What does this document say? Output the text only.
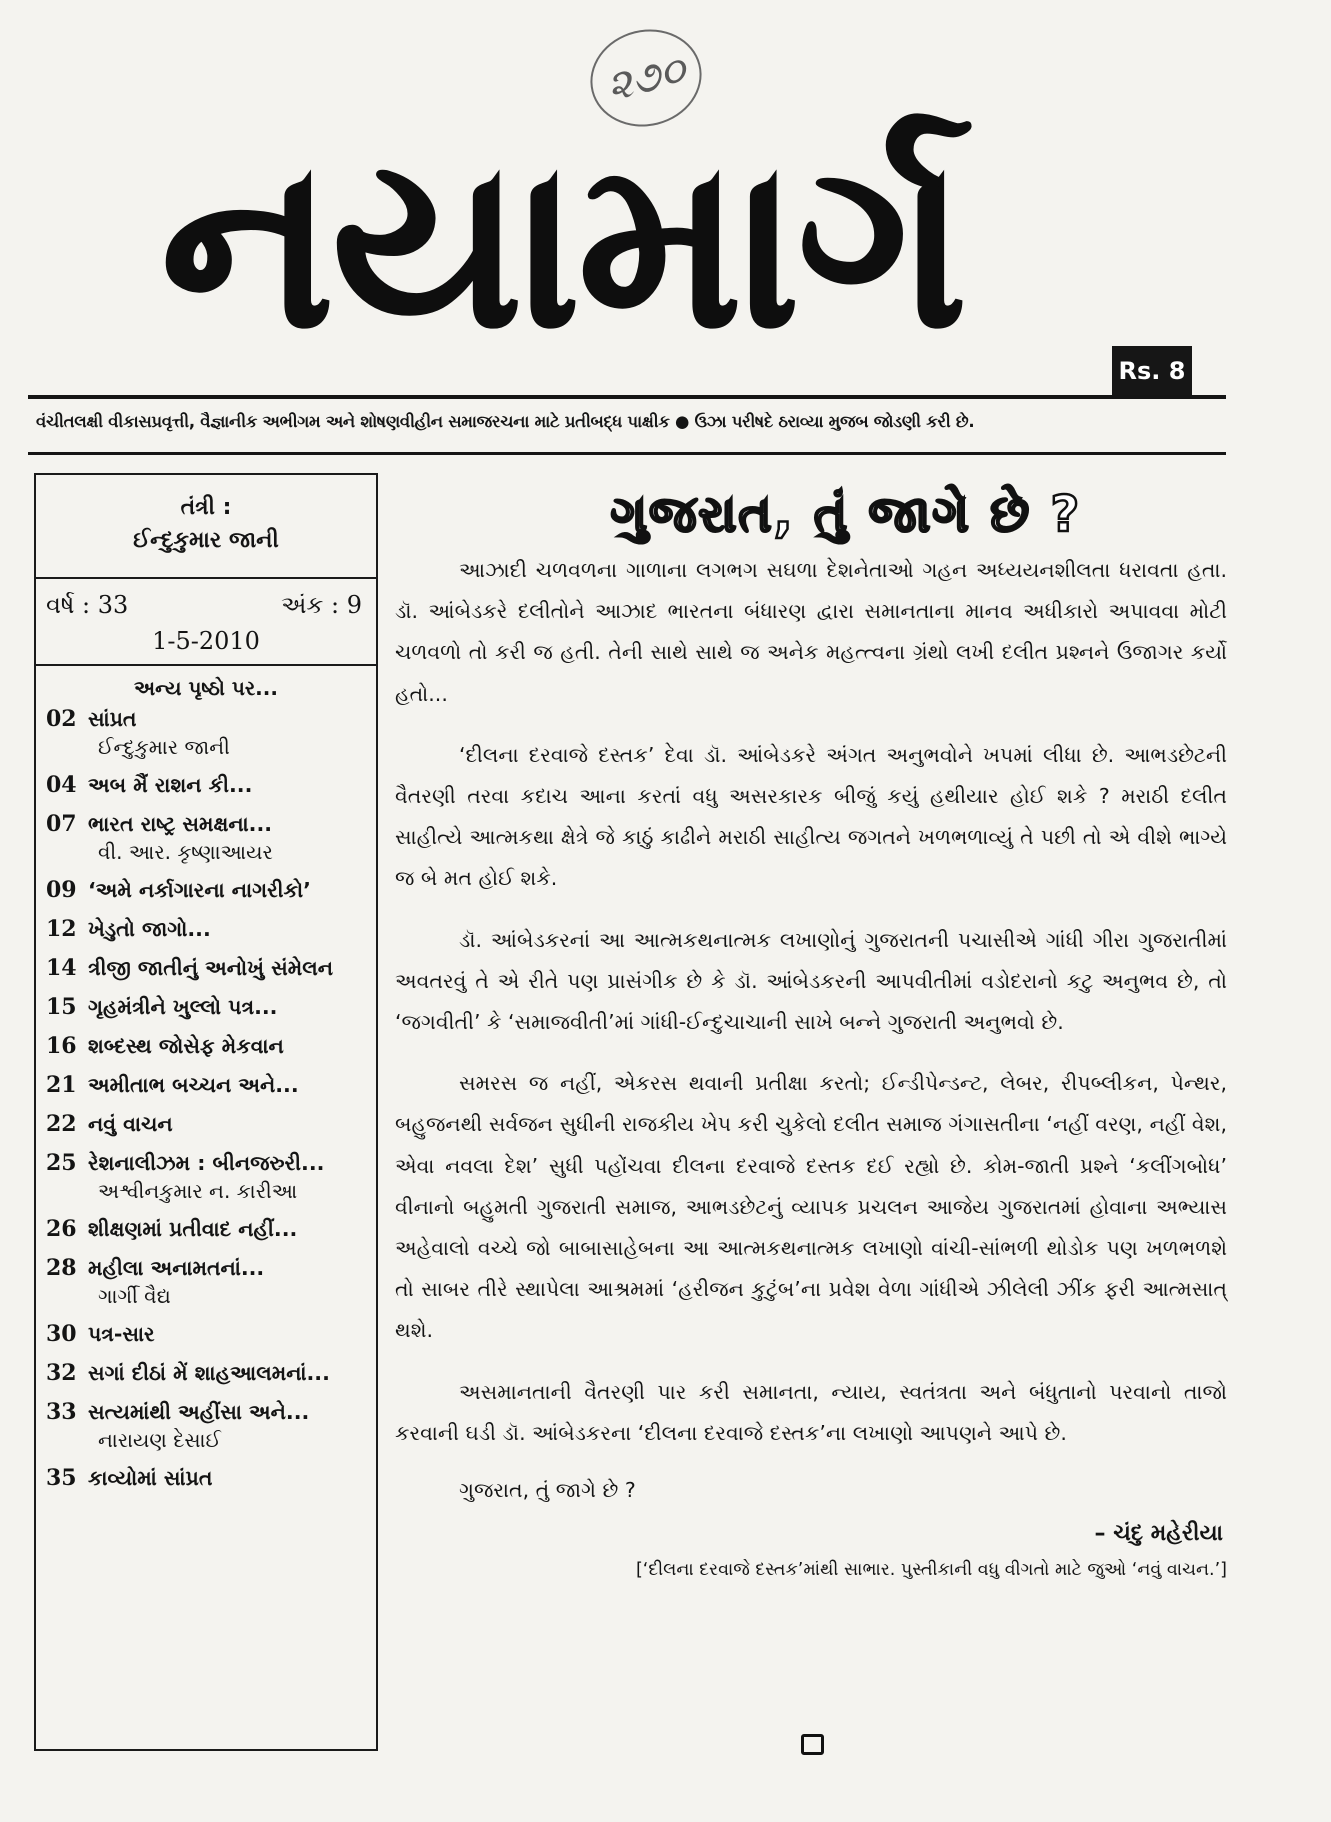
૨૭૦
નયામાર્ગ	Rs. 8
વંચીતલક્ષી વીકાસપ્રવૃત્તી, વૈજ્ઞાનીક અભીગમ અને શોષણવીહીન સમાજરચના માટે પ્રતીબદ્ધ પાક્ષીક ● ઉંઝા પરીષદે ઠરાવ્યા મુજબ જોડણી કરી છે.
તંત્રી :
ઈન્દુકુમાર જાની
વર્ષ : 33	અંક : 9
1-5-2010
અન્ય પૃષ્ઠો પર...
02 સાંપ્રત
ઈન્દુકુમાર જાની
04 અબ મૈં રાશન કી...
07 ભારત રાષ્ટ્ર સમક્ષના...
વી. આર. કૃષ્ણાઆયર
09 ‘અમે નર્કાગારના નાગરીકો’
12 ખેડુતો જાગો...
14 ત્રીજી જાતીનું અનોખું સંમેલન
15 ગૃહમંત્રીને ખુલ્લો પત્ર...
16 શબ્દસ્થ જોસેફ મેકવાન
21 અમીતાભ બચ્ચન અને...
22 નવું વાચન
25 રેશનાલીઝમ : બીનજરુરી...
અશ્વીનકુમાર ન. કારીઆ
26 શીક્ષણમાં પ્રતીવાદ નહીં...
28 મહીલા અનામતનાં...
ગાર્ગી વૈદ્ય
30 પત્ર-સાર
32 સગાં દીઠાં મેં શાહઆલમનાં...
33 સત્યમાંથી અહીંસા અને...
નારાયણ દેસાઈ
35 કાવ્યોમાં સાંપ્રત
ગુજરાત, તું જાગે છે ?

આઝાદી ચળવળના ગાળાના લગભગ સઘળા દેશનેતાઓ ગહન અધ્યયનશીલતા ધરાવતા હતા. ડૉ. આંબેડકરે દલીતોને આઝાદ ભારતના બંધારણ દ્વારા સમાનતાના માનવ અધીકારો અપાવવા મોટી ચળવળો તો કરી જ હતી. તેની સાથે સાથે જ અનેક મહત્ત્વના ગ્રંથો લખી દલીત પ્રશ્નને ઉજાગર કર્યો હતો...

‘દીલના દરવાજે દસ્તક’ દેવા ડૉ. આંબેડકરે અંગત અનુભવોને ખપમાં લીધા છે. આભડછેટની વૈતરણી તરવા કદાચ આના કરતાં વધુ અસરકારક બીજું કયું હથીયાર હોઈ શકે ? મરાઠી દલીત સાહીત્યે આત્મકથા ક્ષેત્રે જે કાઠું કાઢીને મરાઠી સાહીત્ય જગતને ખળભળાવ્યું તે પછી તો એ વીશે ભાગ્યે જ બે મત હોઈ શકે.

ડૉ. આંબેડકરનાં આ આત્મકથનાત્મક લખાણોનું ગુજરાતની પચાસીએ ગાંધી ગીરા ગુજરાતીમાં અવતરવું તે એ રીતે પણ પ્રાસંગીક છે કે ડૉ. આંબેડકરની આપવીતીમાં વડોદરાનો કટુ અનુભવ છે, તો ‘જગવીતી’ કે ‘સમાજવીતી’માં ગાંધી-ઈન્દુચાચાની સાખે બન્ને ગુજરાતી અનુભવો છે.

સમરસ જ નહીં, એકરસ થવાની પ્રતીક્ષા કરતો; ઈન્ડીપેન્ડન્ટ, લેબર, રીપબ્લીકન, પેન્થર, બહુજનથી સર્વજન સુધીની રાજકીય ખેપ કરી ચુકેલો દલીત સમાજ ગંગાસતીના ‘નહીં વરણ, નહીં વેશ, એવા નવલા દેશ’ સુધી પહોંચવા દીલના દરવાજે દસ્તક દઈ રહ્યો છે. કોમ-જાતી પ્રશ્ને ‘કલીંગબોધ’ વીનાનો બહુમતી ગુજરાતી સમાજ, આભડછેટનું વ્યાપક પ્રચલન આજેય ગુજરાતમાં હોવાના અભ્યાસ અહેવાલો વચ્ચે જો બાબાસાહેબના આ આત્મકથનાત્મક લખાણો વાંચી-સાંભળી થોડોક પણ ખળભળશે તો સાબર તીરે સ્થાપેલા આશ્રમમાં ‘હરીજન કુટુંબ’ના પ્રવેશ વેળા ગાંધીએ ઝીલેલી ઝીંક ફરી આત્મસાત્ થશે.

અસમાનતાની વૈતરણી પાર કરી સમાનતા, ન્યાય, સ્વતંત્રતા અને બંધુતાનો પરવાનો તાજો કરવાની ઘડી ડૉ. આંબેડકરના ‘દીલના દરવાજે દસ્તક’ના લખાણો આપણને આપે છે.

ગુજરાત, તું જાગે છે ?
– ચંદુ મહેરીયા
[‘દીલના દરવાજે દસ્તક’માંથી સાભાર. પુસ્તીકાની વધુ વીગતો માટે જુઓ ‘નવું વાચન.’]
